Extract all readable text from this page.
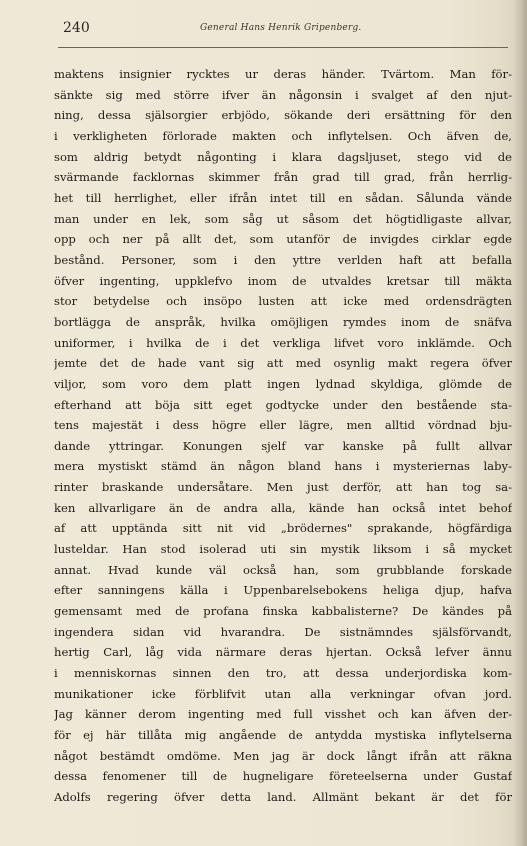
240	General Hans Henrik Gripenberg.
maktens insignier rycktes ur deras händer. Tvärtom. Man för-
sänkte sig med större ifver än någonsin i svalget af den njut-
ning, dessa själsorgier erbjödo, sökande deri ersättning för den
i verkligheten förlorade makten och inflytelsen. Och äfven de,
som aldrig betydt någonting i klara dagsljuset, stego vid de
svärmande facklornas skimmer från grad till grad, från herrlig-
het till herrlighet, eller ifrån intet till en sådan. Sålunda vände
man under en lek, som såg ut såsom det högtidligaste allvar,
opp och ner på allt det, som utanför de invigdes cirklar egde
bestånd. Personer, som i den yttre verlden haft att befalla
öfver ingenting, uppklefvo inom de utvaldes kretsar till mäkta
stor betydelse och insöpo lusten att icke med ordensdrägten
bortlägga de anspråk, hvilka omöjligen rymdes inom de snäfva
uniformer, i hvilka de i det verkliga lifvet voro inklämde. Och
jemte det de hade vant sig att med osynlig makt regera öfver
viljor, som voro dem platt ingen lydnad skyldiga, glömde de
efterhand att böja sitt eget godtycke under den bestående sta-
tens majestät i dess högre eller lägre, men alltid vördnad bju-
dande yttringar. Konungen sjelf var kanske på fullt allvar
mera mystiskt stämd än någon bland hans i mysteriernas laby-
rinter braskande undersåtare. Men just derför, att han tog sa-
ken allvarligare än de andra alla, kände han också intet behof
af att upptända sitt nit vid „brödernes" sprakande, högfärdiga
lusteldar. Han stod isolerad uti sin mystik liksom i så mycket
annat. Hvad kunde väl också han, som grubblande forskade
efter sanningens källa i Uppenbarelsebokens heliga djup, hafva
gemensamt med de profana finska kabbalisterne? De kändes på
ingendera sidan vid hvarandra. De sistnämndes själsförvandt,
hertig Carl, låg vida närmare deras hjertan. Också lefver ännu
i menniskornas sinnen den tro, att dessa underjordiska kom-
munikationer icke förblifvit utan alla verkningar ofvan jord.
Jag känner derom ingenting med full visshet och kan äfven der-
för ej här tillåta mig angående de antydda mystiska inflytelserna
något bestämdt omdöme. Men jag är dock långt ifrån att räkna
dessa fenomener till de hugneligare företeelserna under Gustaf
Adolfs regering öfver detta land. Allmänt bekant är det för
